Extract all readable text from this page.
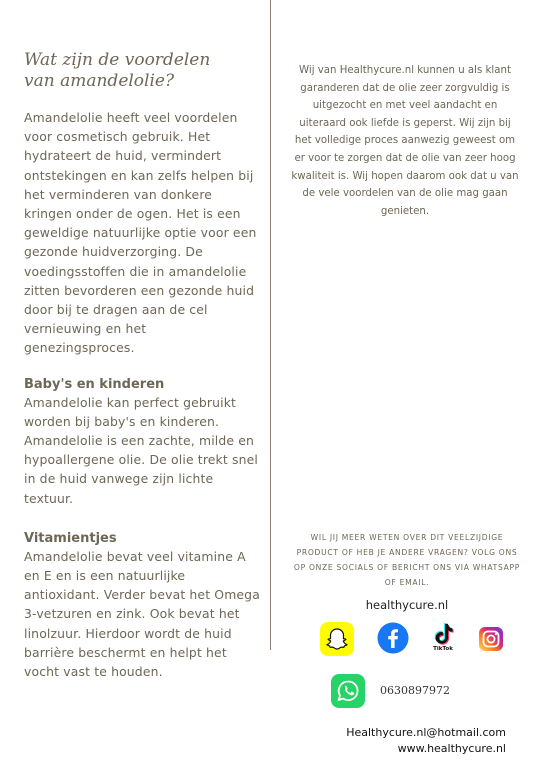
Wat zijn de voordelen
van amandelolie?

Amandelolie heeft veel voordelen voor cosmetisch gebruik. Het hydrateert de huid, vermindert ontstekingen en kan zelfs helpen bij het verminderen van donkere kringen onder de ogen. Het is een geweldige natuurlijke optie voor een gezonde huidverzorging. De voedingsstoffen die in amandelolie zitten bevorderen een gezonde huid door bij te dragen aan de cel vernieuwing en het genezingsproces.

Baby's en kinderen

Amandelolie kan perfect gebruikt worden bij baby's en kinderen. Amandelolie is een zachte, milde en hypoallergene olie. De olie trekt snel in de huid vanwege zijn lichte textuur.

Vitamientjes

Amandelolie bevat veel vitamine A en E en is een natuurlijke antioxidant. Verder bevat het Omega 3-vetzuren en zink. Ook bevat het linolzuur. Hierdoor wordt de huid barrière beschermt en helpt het vocht vast te houden.

Wij van Healthycure.nl kunnen u als klant garanderen dat de olie zeer zorgvuldig is uitgezocht en met veel aandacht en uiteraard ook liefde is geperst. Wij zijn bij het volledige proces aanwezig geweest om er voor te zorgen dat de olie van zeer hoog kwaliteit is. Wij hopen daarom ook dat u van de vele voordelen van de olie mag gaan genieten.

WIL JIJ MEER WETEN OVER DIT VEELZIJDIGE PRODUCT OF HEB JE ANDERE VRAGEN? VOLG ONS OP ONZE SOCIALS OF BERICHT ONS VIA WHATSAPP OF EMAIL.

healthycure.nl
TikTok
0630897972
Healthycure.nl@hotmail.com
www.healthycure.nl
